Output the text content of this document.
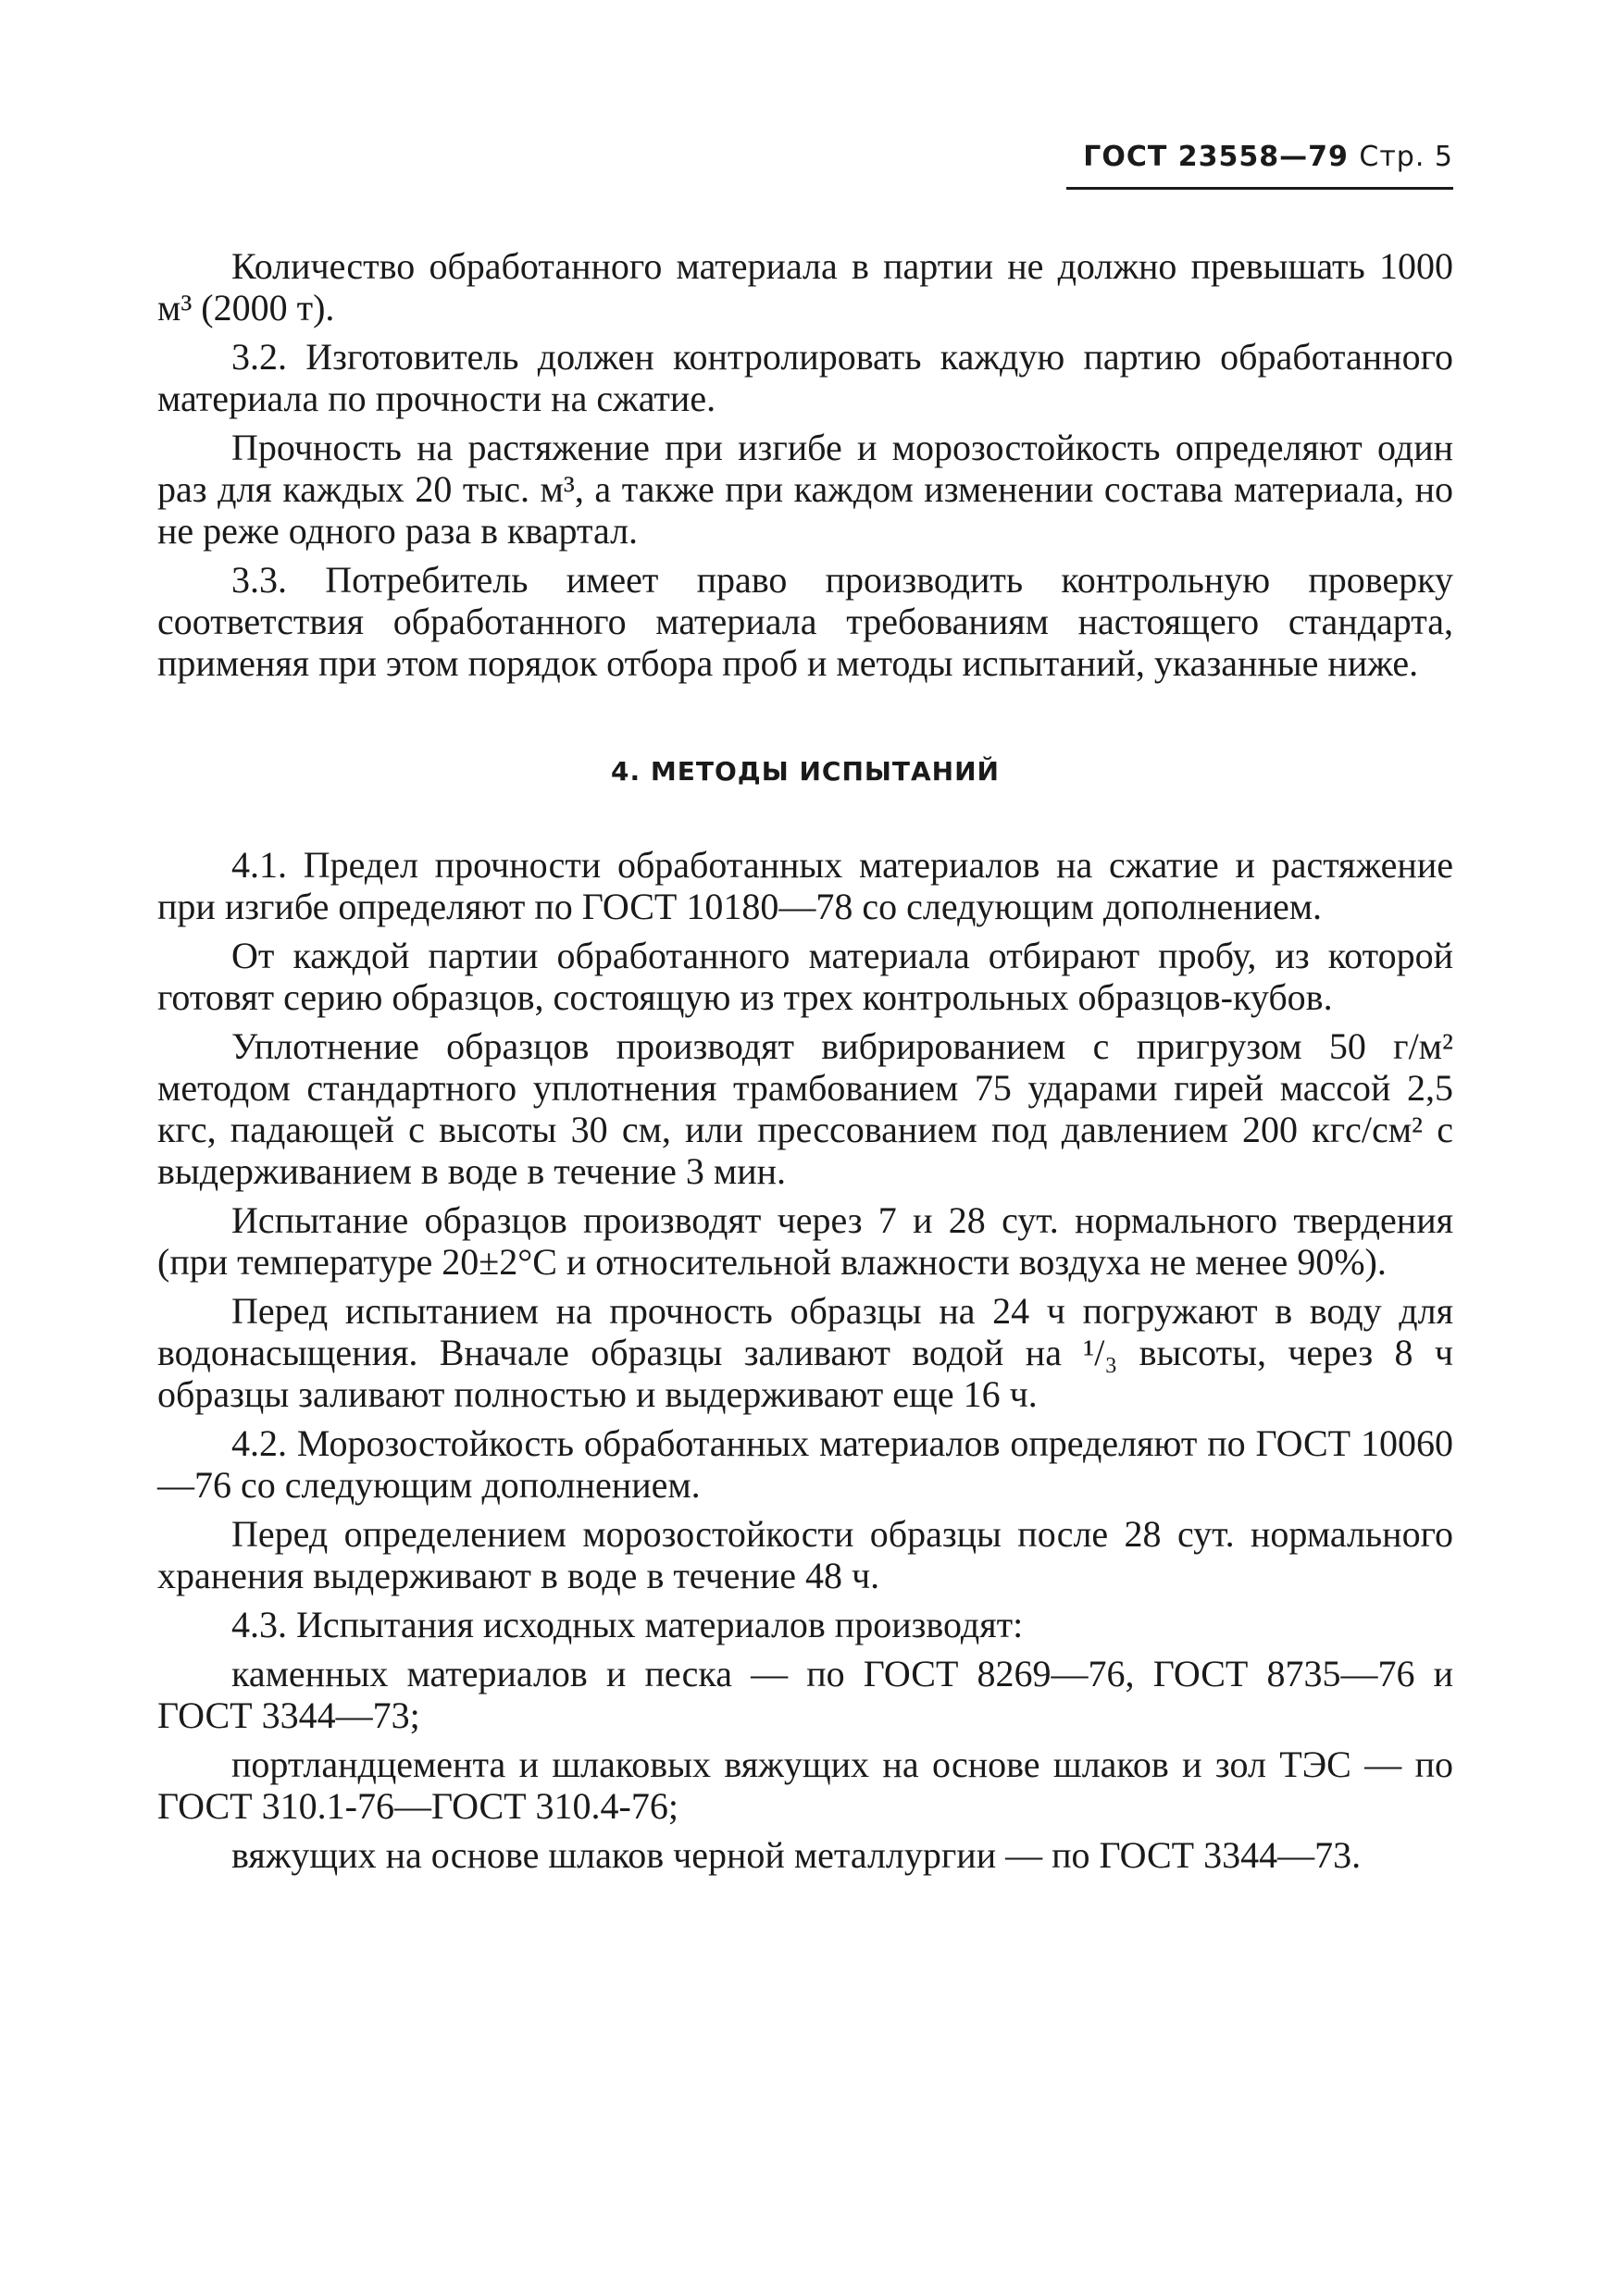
ГОСТ 23558—79 Стр. 5

Количество обработанного материала в партии не должно превышать 1000 м³ (2000 т).

3.2. Изготовитель должен контролировать каждую партию обработанного материала по прочности на сжатие.

Прочность на растяжение при изгибе и морозостойкость определяют один раз для каждых 20 тыс. м³, а также при каждом изменении состава материала, но не реже одного раза в квартал.

3.3. Потребитель имеет право производить контрольную проверку соответствия обработанного материала требованиям настоящего стандарта, применяя при этом порядок отбора проб и методы испытаний, указанные ниже.

4. МЕТОДЫ ИСПЫТАНИЙ

4.1. Предел прочности обработанных материалов на сжатие и растяжение при изгибе определяют по ГОСТ 10180—78 со следующим дополнением.

От каждой партии обработанного материала отбирают пробу, из которой готовят серию образцов, состоящую из трех контрольных образцов-кубов.

Уплотнение образцов производят вибрированием с пригрузом 50 г/м² методом стандартного уплотнения трамбованием 75 ударами гирей массой 2,5 кгс, падающей с высоты 30 см, или прессованием под давлением 200 кгс/см² с выдерживанием в воде в течение 3 мин.

Испытание образцов производят через 7 и 28 сут. нормального твердения (при температуре 20±2°С и относительной влажности воздуха не менее 90%).

Перед испытанием на прочность образцы на 24 ч погружают в воду для водонасыщения. Вначале образцы заливают водой на ¹/₃ высоты, через 8 ч образцы заливают полностью и выдерживают еще 16 ч.

4.2. Морозостойкость обработанных материалов определяют по ГОСТ 10060—76 со следующим дополнением.

Перед определением морозостойкости образцы после 28 сут. нормального хранения выдерживают в воде в течение 48 ч.

4.3. Испытания исходных материалов производят:

каменных материалов и песка — по ГОСТ 8269—76, ГОСТ 8735—76 и ГОСТ 3344—73;

портландцемента и шлаковых вяжущих на основе шлаков и зол ТЭС — по ГОСТ 310.1-76—ГОСТ 310.4-76;

вяжущих на основе шлаков черной металлургии — по ГОСТ 3344—73.
